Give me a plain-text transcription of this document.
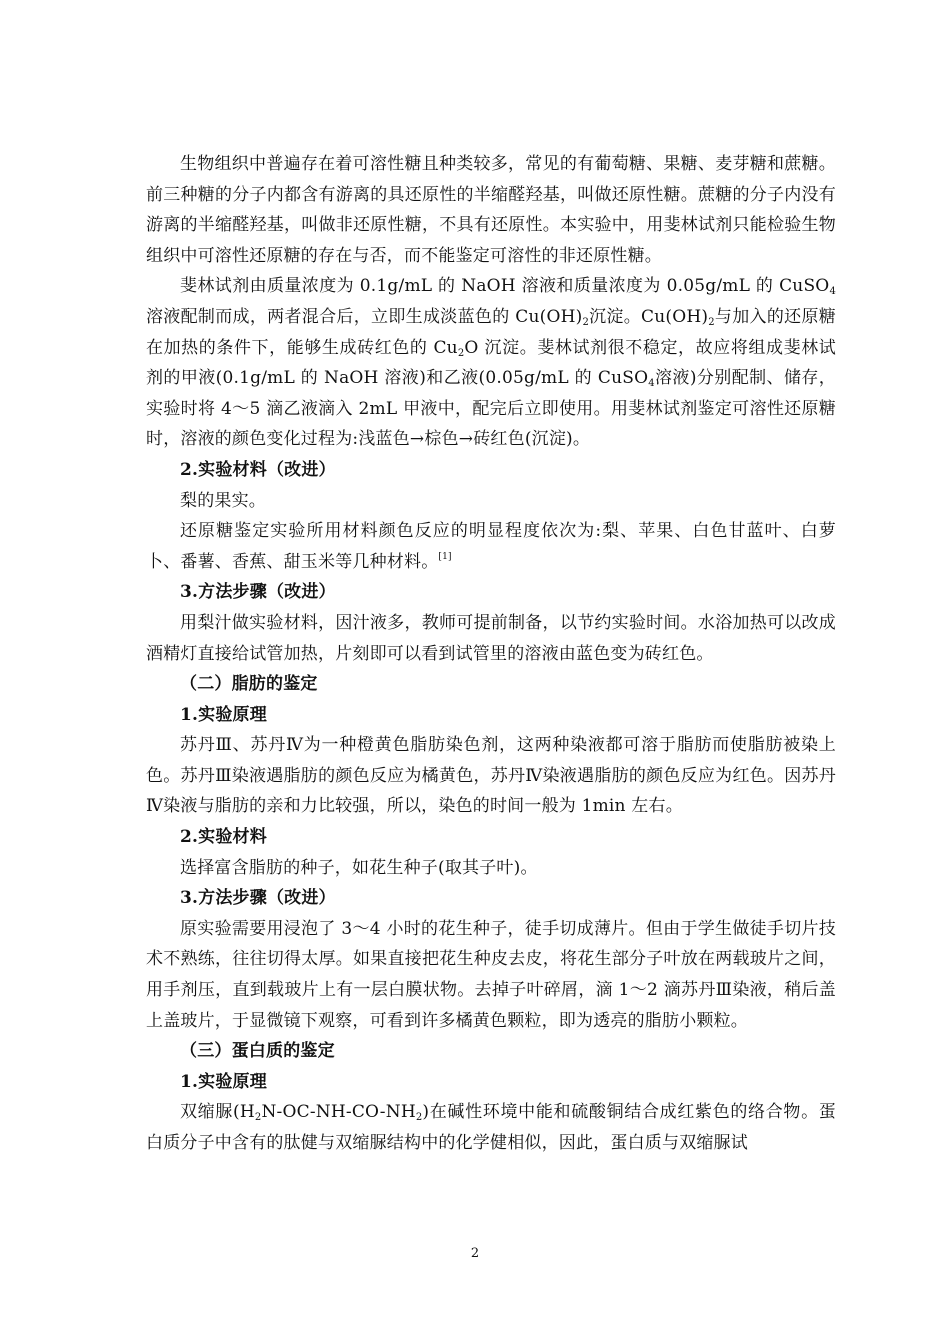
生物组织中普遍存在着可溶性糖且种类较多，常见的有葡萄糖、果糖、麦芽糖和蔗糖。前三种糖的分子内都含有游离的具还原性的半缩醛羟基，叫做还原性糖。蔗糖的分子内没有游离的半缩醛羟基，叫做非还原性糖，不具有还原性。本实验中，用斐林试剂只能检验生物组织中可溶性还原糖的存在与否，而不能鉴定可溶性的非还原性糖。

斐林试剂由质量浓度为 0.1g/mL 的 NaOH 溶液和质量浓度为 0.05g/mL 的 CuSO$_4$溶液配制而成，两者混合后，立即生成淡蓝色的 $Cu(OH)_2$沉淀。$Cu(OH)_2$与加入的还原糖在加热的条件下，能够生成砖红色的 $Cu_2O$ 沉淀。斐林试剂很不稳定，故应将组成斐林试剂的甲液(0.1g/mL 的 NaOH 溶液)和乙液(0.05g/mL 的 CuSO$_4$溶液)分别配制、储存，实验时将 4～5 滴乙液滴入 2mL 甲液中，配完后立即使用。用斐林试剂鉴定可溶性还原糖时，溶液的颜色变化过程为:浅蓝色→棕色→砖红色(沉淀)。

2.实验材料（改进）

梨的果实。

还原糖鉴定实验所用材料颜色反应的明显程度依次为:梨、苹果、白色甘蓝叶、白萝卜、番薯、香蕉、甜玉米等几种材料。[1]

3.方法步骤（改进）

用梨汁做实验材料，因汁液多，教师可提前制备，以节约实验时间。水浴加热可以改成酒精灯直接给试管加热，片刻即可以看到试管里的溶液由蓝色变为砖红色。

（二）脂肪的鉴定

1.实验原理

苏丹Ⅲ、苏丹Ⅳ为一种橙黄色脂肪染色剂，这两种染液都可溶于脂肪而使脂肪被染上色。苏丹Ⅲ染液遇脂肪的颜色反应为橘黄色，苏丹Ⅳ染液遇脂肪的颜色反应为红色。因苏丹Ⅳ染液与脂肪的亲和力比较强，所以，染色的时间一般为 1min 左右。

2.实验材料

选择富含脂肪的种子，如花生种子(取其子叶)。

3.方法步骤（改进）

原实验需要用浸泡了 3～4 小时的花生种子，徒手切成薄片。但由于学生做徒手切片技术不熟练，往往切得太厚。如果直接把花生种皮去皮，将花生部分子叶放在两载玻片之间，用手剂压，直到载玻片上有一层白膜状物。去掉子叶碎屑，滴 1～2 滴苏丹Ⅲ染液，稍后盖上盖玻片，于显微镜下观察，可看到许多橘黄色颗粒，即为透亮的脂肪小颗粒。

（三）蛋白质的鉴定

1.实验原理

双缩脲$(H_2N-OC-NH-CO-NH_2)$在碱性环境中能和硫酸铜结合成红紫色的络合物。蛋白质分子中含有的肽健与双缩脲结构中的化学健相似，因此，蛋白质与双缩脲试

2
